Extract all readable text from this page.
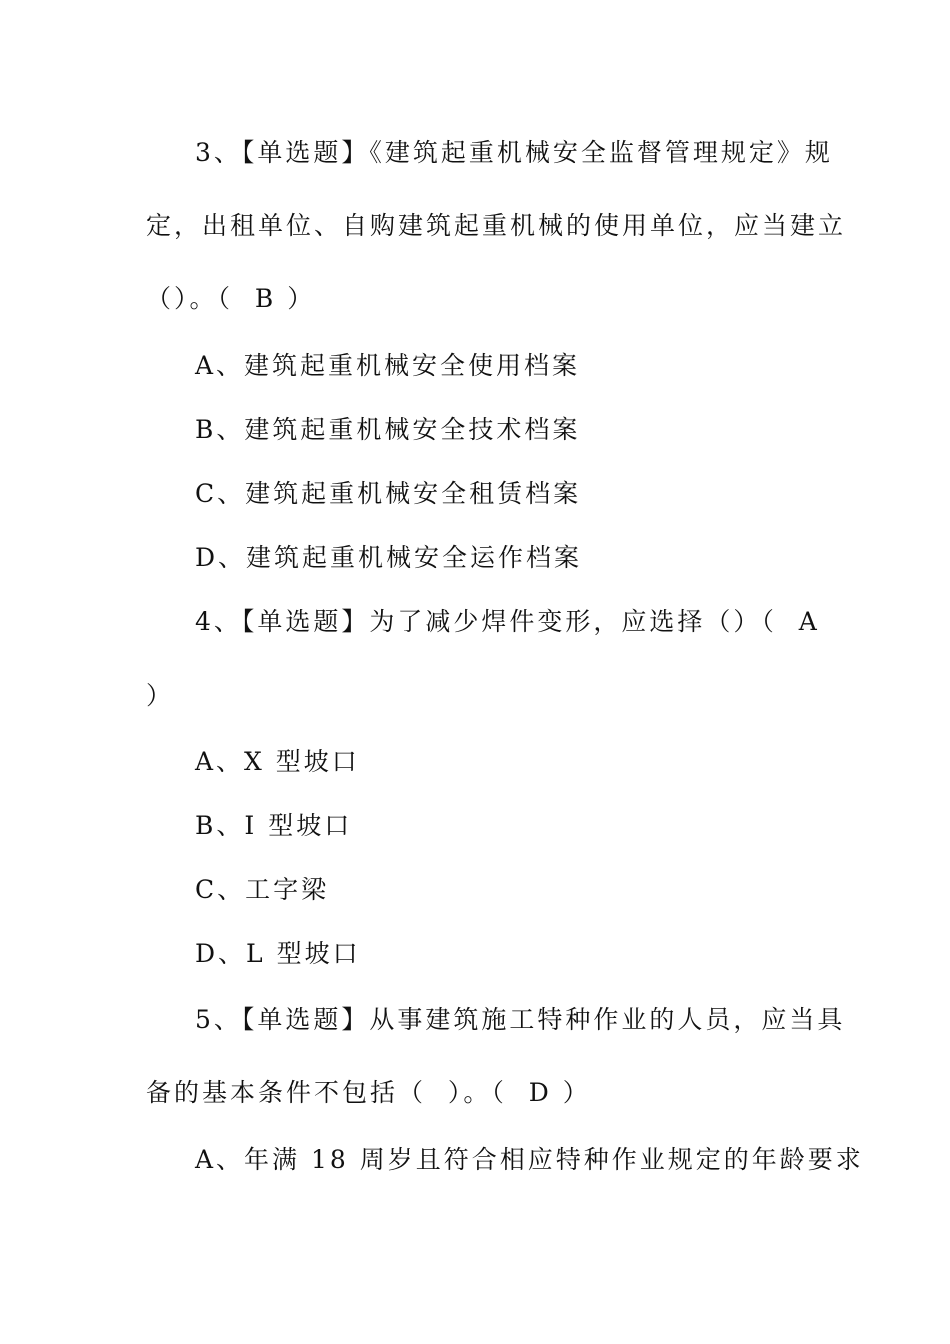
3、【单选题】《建筑起重机械安全监督管理规定》规
定，出租单位、自购建筑起重机械的使用单位，应当建立
（）。（  B ）
A、建筑起重机械安全使用档案
B、建筑起重机械安全技术档案
C、建筑起重机械安全租赁档案
D、建筑起重机械安全运作档案
4、【单选题】为了减少焊件变形，应选择（）（  A
）
A、X 型坡口
B、I 型坡口
C、工字梁
D、L 型坡口
5、【单选题】从事建筑施工特种作业的人员，应当具
备的基本条件不包括（  ）。（  D ）
A、年满 18 周岁且符合相应特种作业规定的年龄要求
